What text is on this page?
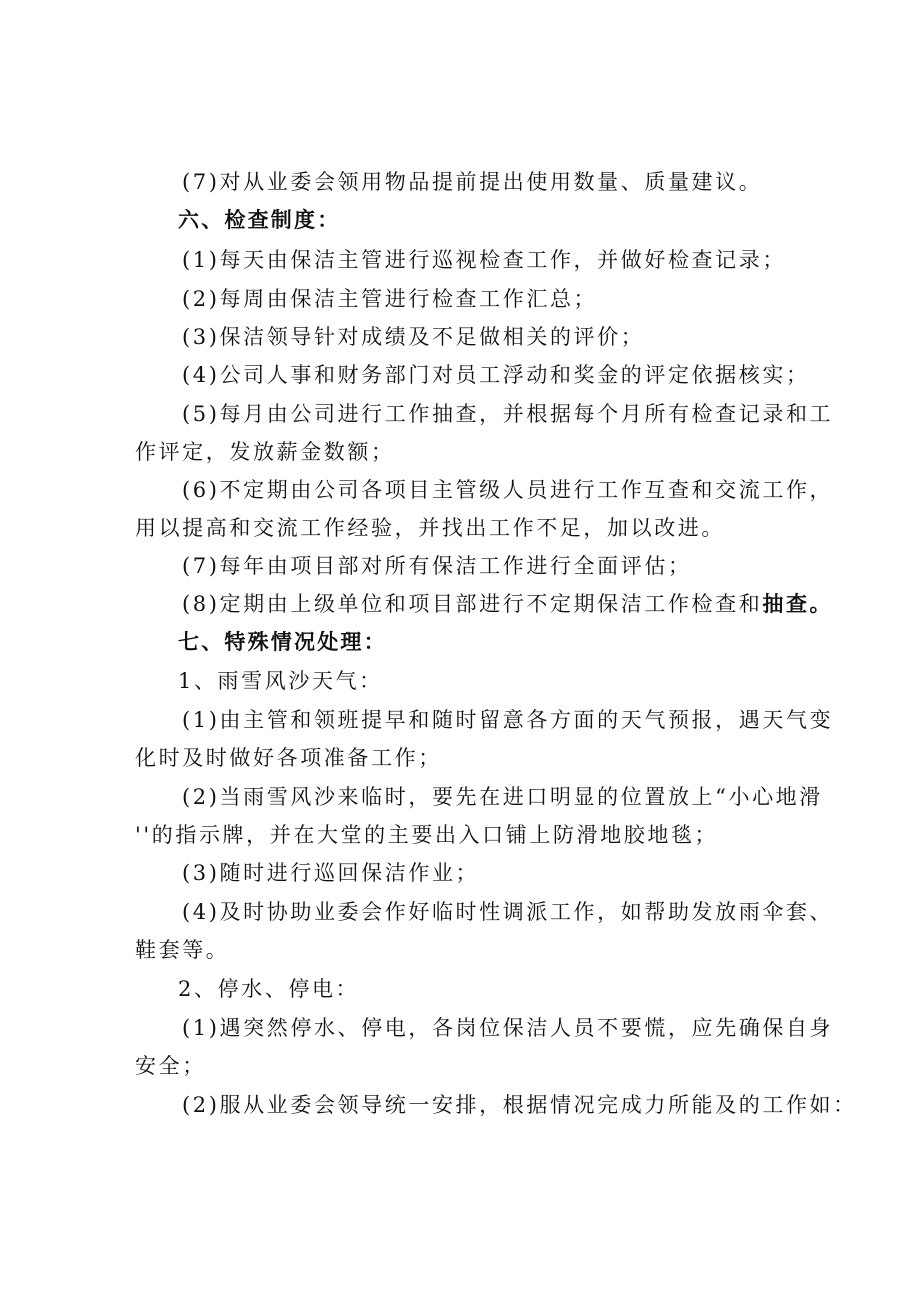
(7)对从业委会领用物品提前提出使用数量、质量建议。
六、检查制度：
(1)每天由保洁主管进行巡视检查工作，并做好检查记录；
(2)每周由保洁主管进行检查工作汇总；
(3)保洁领导针对成绩及不足做相关的评价；
(4)公司人事和财务部门对员工浮动和奖金的评定依据核实；
(5)每月由公司进行工作抽查，并根据每个月所有检查记录和工
作评定，发放薪金数额；
(6)不定期由公司各项目主管级人员进行工作互查和交流工作，
用以提高和交流工作经验，并找出工作不足，加以改进。
(7)每年由项目部对所有保洁工作进行全面评估；
(8)定期由上级单位和项目部进行不定期保洁工作检查和抽查。
七、特殊情况处理：
1、雨雪风沙天气：
(1)由主管和领班提早和随时留意各方面的天气预报，遇天气变
化时及时做好各项准备工作；
(2)当雨雪风沙来临时，要先在进口明显的位置放上“小心地滑
''的指示牌，并在大堂的主要出入口铺上防滑地胶地毯；
(3)随时进行巡回保洁作业；
(4)及时协助业委会作好临时性调派工作，如帮助发放雨伞套、
鞋套等。
2、停水、停电：
(1)遇突然停水、停电，各岗位保洁人员不要慌，应先确保自身
安全；
(2)服从业委会领导统一安排，根据情况完成力所能及的工作如：
